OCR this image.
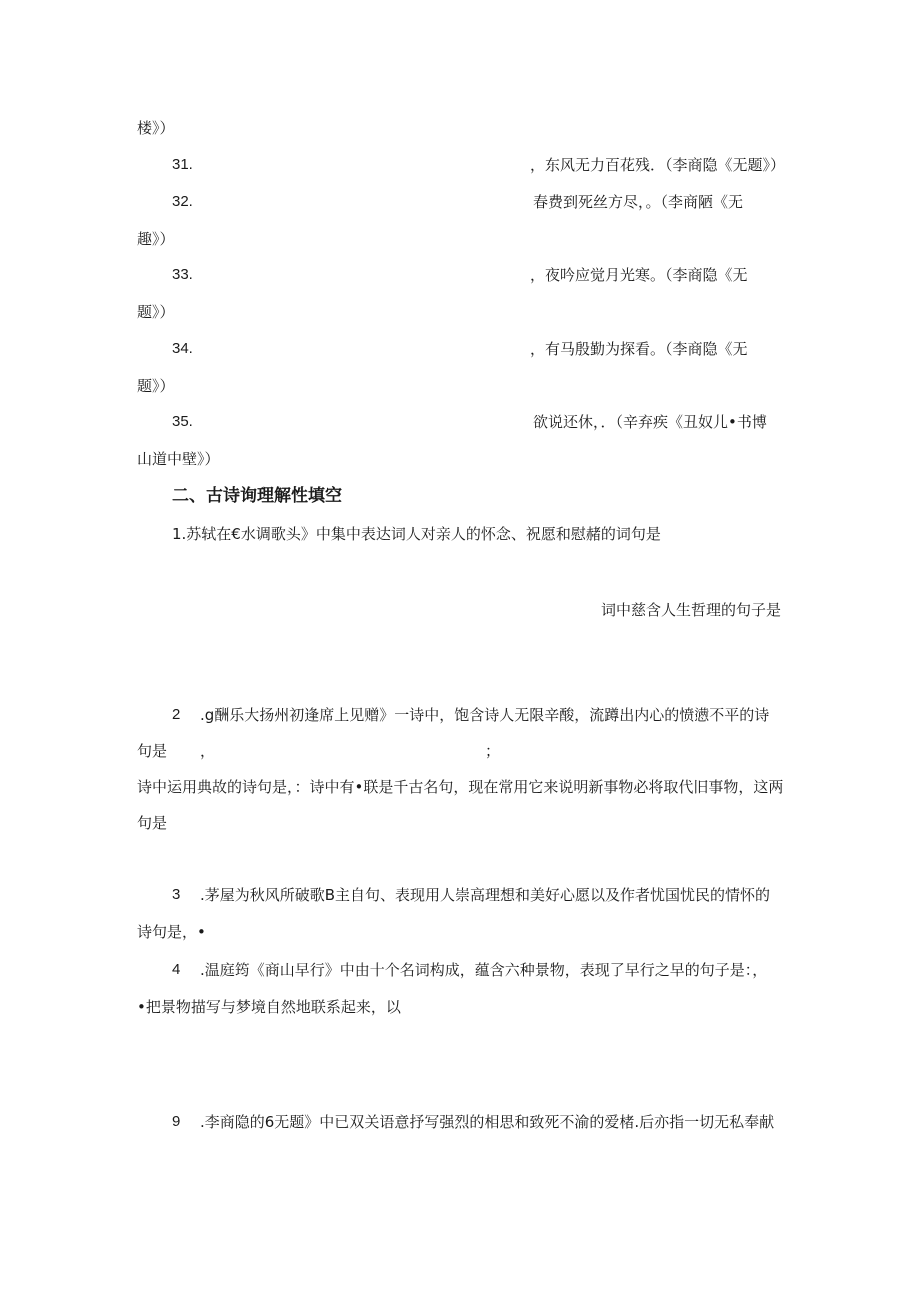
楼》）
31.	，东风无力百花残．（李商隐《无题》）
32.	春费到死丝方尽，。（李商陋《无
趣》）
33.	，夜吟应觉月光寒。（李商隐《无
题》）
34.	，有马殷勤为探看。（李商隐《无
题》）
35.	欲说还休，．（辛弃疾《丑奴儿•书博
山道中壁》）
二、古诗询理解性填空
1.苏轼在€水调歌头》中集中表达词人对亲人的怀念、祝愿和慰赭的词句是
词中慈含人生哲理的句子是
2 .g酬乐大扬州初逢席上见赠》一诗中，饱含诗人无限辛酸，流蹲出内心的愤懑不平的诗
句是 ，	；
诗中运用典故的诗句是，：诗中有•联是千古名句，现在常用它来说明新事物必将取代旧事物，这两
句是
3 .茅屋为秋风所破歌B主自句、表现用人崇高理想和美好心愿以及作者忧国忧民的情怀的
诗句是，•
4 .温庭筠《商山早行》中由十个名词构成，蕴含六种景物，表现了早行之早的句子是：，
•把景物描写与梦境自然地联系起来，以
9 .李商隐的6无题》中已双关语意抒写强烈的相思和致死不渝的爱楮.后亦指一切无私奉献
